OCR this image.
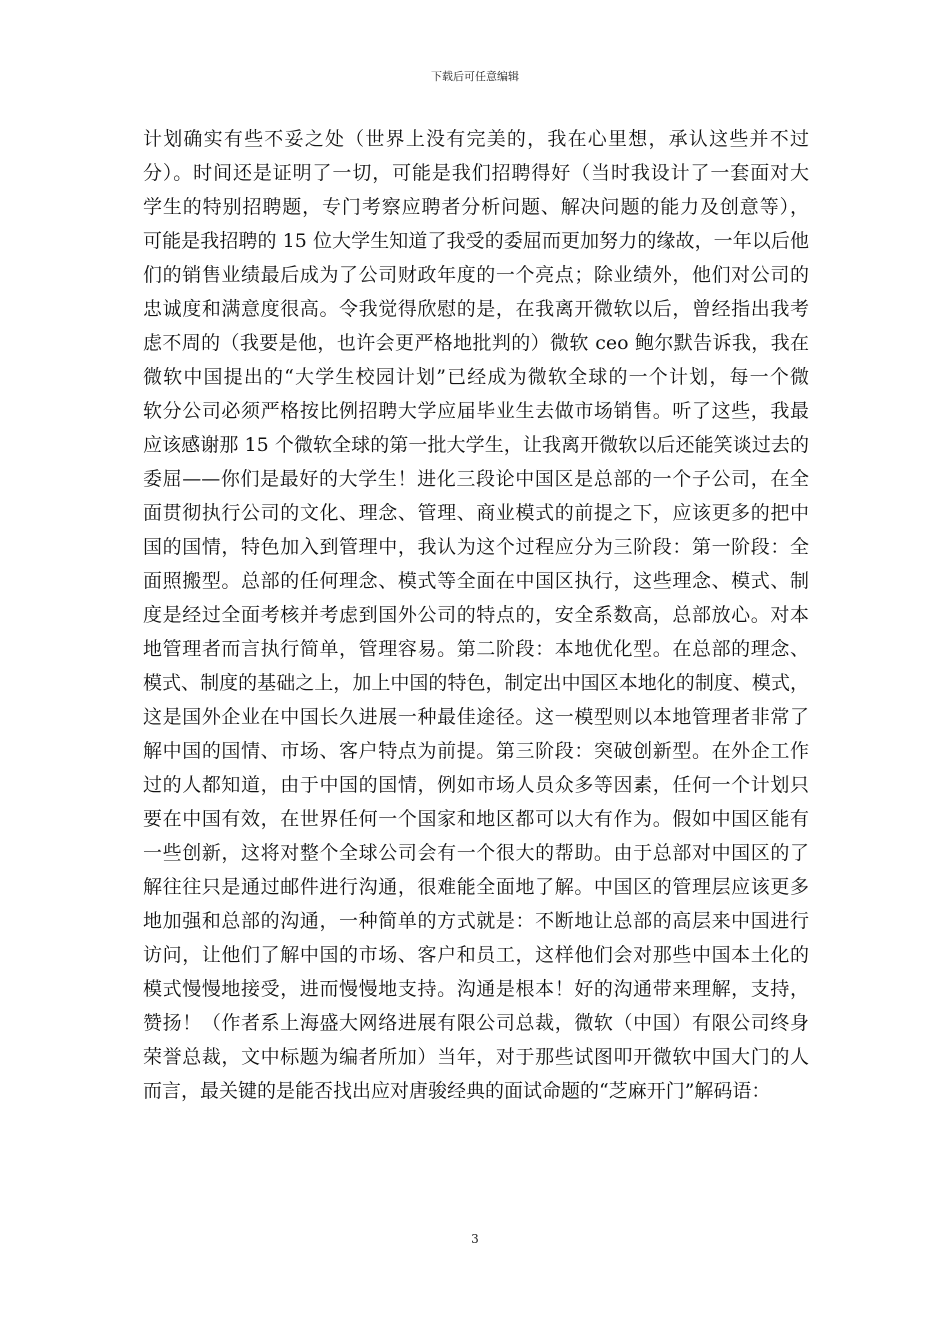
下载后可任意编辑
计划确实有些不妥之处（世界上没有完美的，我在心里想，承认这些并不过
分）。时间还是证明了一切，可能是我们招聘得好（当时我设计了一套面对大
学生的特别招聘题，专门考察应聘者分析问题、解决问题的能力及创意等），
可能是我招聘的 15 位大学生知道了我受的委屈而更加努力的缘故，一年以后他
们的销售业绩最后成为了公司财政年度的一个亮点；除业绩外，他们对公司的
忠诚度和满意度很高。令我觉得欣慰的是，在我离开微软以后，曾经指出我考
虑不周的（我要是他，也许会更严格地批判的）微软 ceo 鲍尔默告诉我，我在
微软中国提出的“大学生校园计划”已经成为微软全球的一个计划，每一个微
软分公司必须严格按比例招聘大学应届毕业生去做市场销售。听了这些，我最
应该感谢那 15 个微软全球的第一批大学生，让我离开微软以后还能笑谈过去的
委屈——你们是最好的大学生！进化三段论中国区是总部的一个子公司，在全
面贯彻执行公司的文化、理念、管理、商业模式的前提之下，应该更多的把中
国的国情，特色加入到管理中，我认为这个过程应分为三阶段：第一阶段：全
面照搬型。总部的任何理念、模式等全面在中国区执行，这些理念、模式、制
度是经过全面考核并考虑到国外公司的特点的，安全系数高，总部放心。对本
地管理者而言执行简单，管理容易。第二阶段：本地优化型。在总部的理念、
模式、制度的基础之上，加上中国的特色，制定出中国区本地化的制度、模式，
这是国外企业在中国长久进展一种最佳途径。这一模型则以本地管理者非常了
解中国的国情、市场、客户特点为前提。第三阶段：突破创新型。在外企工作
过的人都知道，由于中国的国情，例如市场人员众多等因素，任何一个计划只
要在中国有效，在世界任何一个国家和地区都可以大有作为。假如中国区能有
一些创新，这将对整个全球公司会有一个很大的帮助。由于总部对中国区的了
解往往只是通过邮件进行沟通，很难能全面地了解。中国区的管理层应该更多
地加强和总部的沟通，一种简单的方式就是：不断地让总部的高层来中国进行
访问，让他们了解中国的市场、客户和员工，这样他们会对那些中国本土化的
模式慢慢地接受，进而慢慢地支持。沟通是根本！好的沟通带来理解，支持，
赞扬！（作者系上海盛大网络进展有限公司总裁，微软（中国）有限公司终身
荣誉总裁，文中标题为编者所加）当年，对于那些试图叩开微软中国大门的人
而言，最关键的是能否找出应对唐骏经典的面试命题的“芝麻开门”解码语：
3
